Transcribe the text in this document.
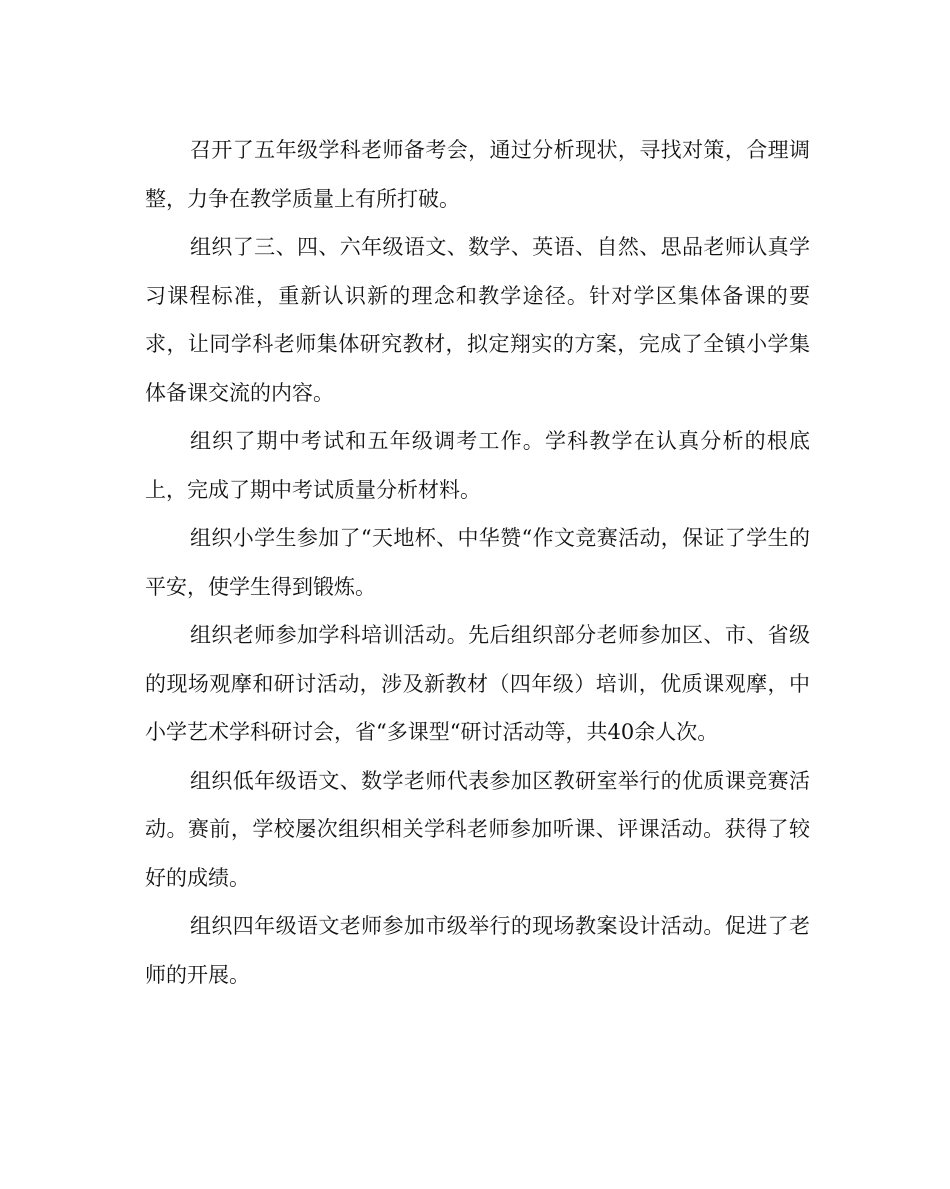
召开了五年级学科老师备考会，通过分析现状，寻找对策，合理调整，力争在教学质量上有所打破。

组织了三、四、六年级语文、数学、英语、自然、思品老师认真学习课程标准，重新认识新的理念和教学途径。针对学区集体备课的要求，让同学科老师集体研究教材，拟定翔实的方案，完成了全镇小学集体备课交流的内容。

组织了期中考试和五年级调考工作。学科教学在认真分析的根底上，完成了期中考试质量分析材料。

组织小学生参加了“天地杯、中华赞“作文竞赛活动，保证了学生的平安，使学生得到锻炼。

组织老师参加学科培训活动。先后组织部分老师参加区、市、省级的现场观摩和研讨活动，涉及新教材（四年级）培训，优质课观摩，中小学艺术学科研讨会，省“多课型“研讨活动等，共40余人次。

组织低年级语文、数学老师代表参加区教研室举行的优质课竞赛活动。赛前，学校屡次组织相关学科老师参加听课、评课活动。获得了较好的成绩。

组织四年级语文老师参加市级举行的现场教案设计活动。促进了老师的开展。
